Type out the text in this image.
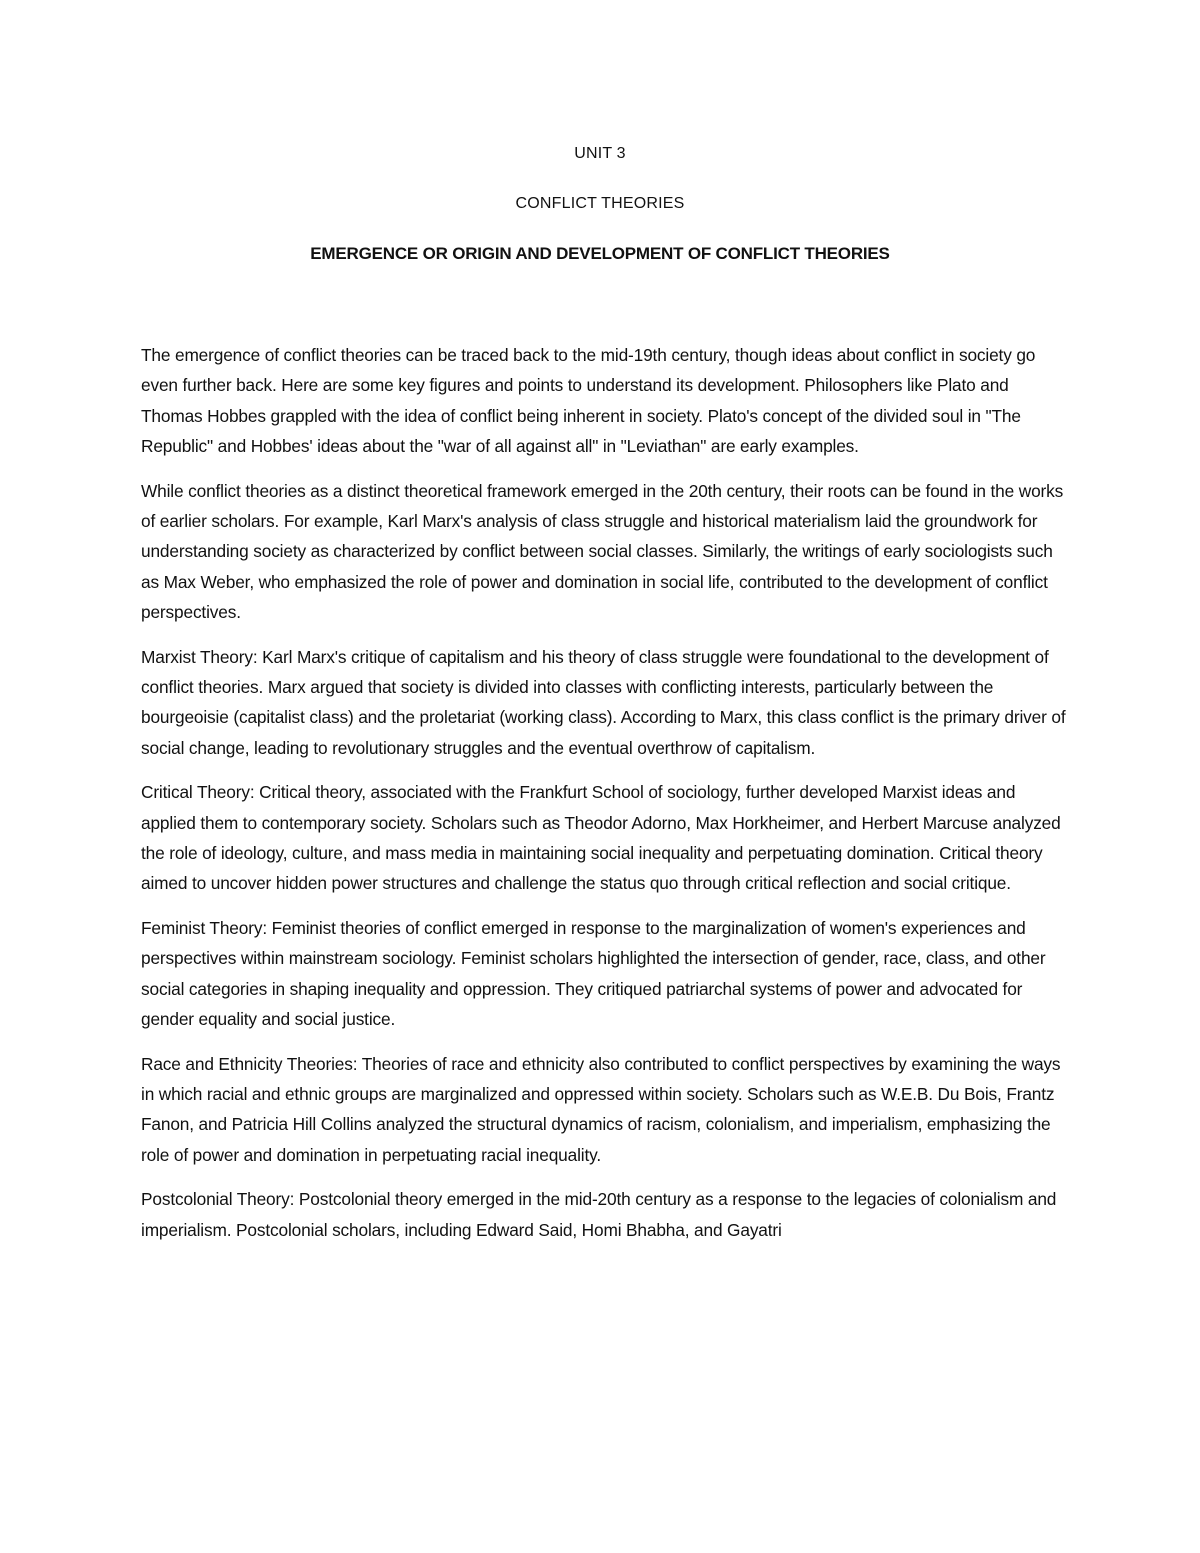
UNIT 3
CONFLICT THEORIES
EMERGENCE OR ORIGIN AND DEVELOPMENT OF CONFLICT THEORIES

The emergence of conflict theories can be traced back to the mid-19th century, though ideas about conflict in society go even further back. Here are some key figures and points to understand its development. Philosophers like Plato and Thomas Hobbes grappled with the idea of conflict being inherent in society. Plato's concept of the divided soul in "The Republic" and Hobbes' ideas about the "war of all against all" in "Leviathan" are early examples.

While conflict theories as a distinct theoretical framework emerged in the 20th century, their roots can be found in the works of earlier scholars. For example, Karl Marx's analysis of class struggle and historical materialism laid the groundwork for understanding society as characterized by conflict between social classes. Similarly, the writings of early sociologists such as Max Weber, who emphasized the role of power and domination in social life, contributed to the development of conflict perspectives.

Marxist Theory: Karl Marx's critique of capitalism and his theory of class struggle were foundational to the development of conflict theories. Marx argued that society is divided into classes with conflicting interests, particularly between the bourgeoisie (capitalist class) and the proletariat (working class). According to Marx, this class conflict is the primary driver of social change, leading to revolutionary struggles and the eventual overthrow of capitalism.

Critical Theory: Critical theory, associated with the Frankfurt School of sociology, further developed Marxist ideas and applied them to contemporary society. Scholars such as Theodor Adorno, Max Horkheimer, and Herbert Marcuse analyzed the role of ideology, culture, and mass media in maintaining social inequality and perpetuating domination. Critical theory aimed to uncover hidden power structures and challenge the status quo through critical reflection and social critique.

Feminist Theory: Feminist theories of conflict emerged in response to the marginalization of women's experiences and perspectives within mainstream sociology. Feminist scholars highlighted the intersection of gender, race, class, and other social categories in shaping inequality and oppression. They critiqued patriarchal systems of power and advocated for gender equality and social justice.

Race and Ethnicity Theories: Theories of race and ethnicity also contributed to conflict perspectives by examining the ways in which racial and ethnic groups are marginalized and oppressed within society. Scholars such as W.E.B. Du Bois, Frantz Fanon, and Patricia Hill Collins analyzed the structural dynamics of racism, colonialism, and imperialism, emphasizing the role of power and domination in perpetuating racial inequality.

Postcolonial Theory: Postcolonial theory emerged in the mid-20th century as a response to the legacies of colonialism and imperialism. Postcolonial scholars, including Edward Said, Homi Bhabha, and Gayatri
